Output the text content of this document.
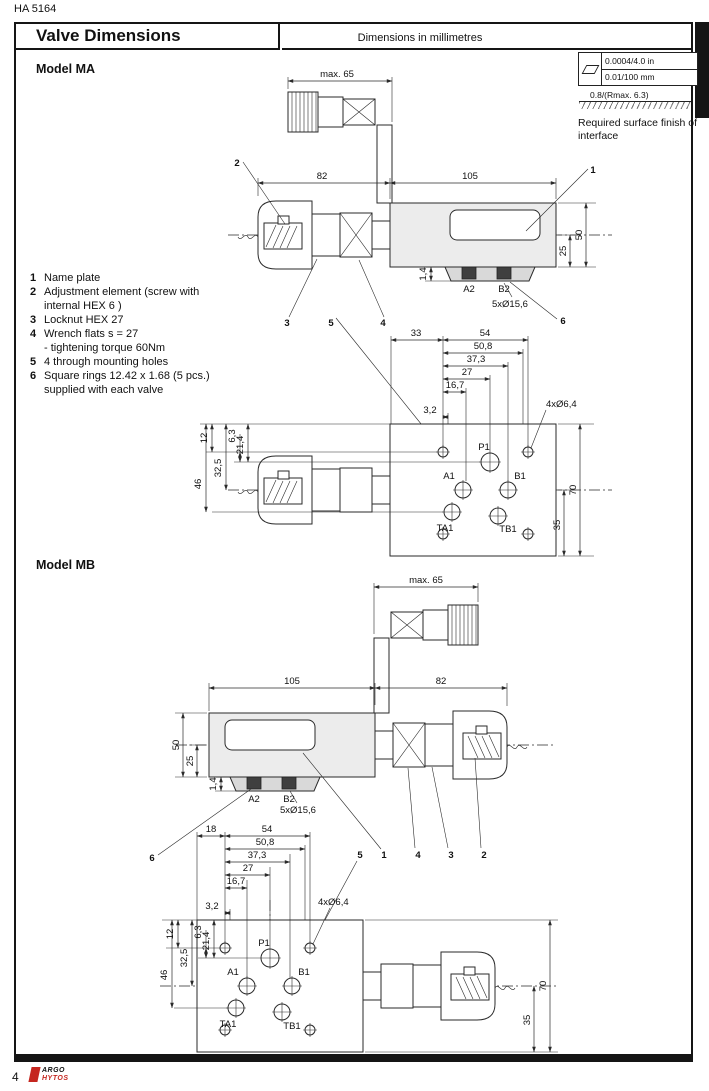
HA 5164
Valve Dimensions	Dimensions in millimetres
Model MA
Model MB
0.0004/4.0 in
0.01/100 mm
0.8/(Rmax. 6.3)
Required surface finish of
interface
1 Name plate
2 Adjustment element (screw with
internal HEX 6 )
3 Locknut HEX 27
4 Wrench flats s = 27
- tightening torque 60Nm
5 4 through mounting holes
6 Square rings 12.42 x 1.68 (5 pcs.)
supplied with each valve
max. 65
A2 B2
5xØ15,6
82	105
50
25
1,4
2
1
3	5	4	6
P1
A1	B1
TA1	TB1
33	54
50,8
37,3
27
16,7
3,2
4xØ6,4
70
35
12 6,3
21,4
32,5
46
max. 65
A2 B2
5xØ15,6
105	82
50
25
1,4
5 1	4	3	2
6
P1
A1	B1
TA1	TB1
18	54
50,8
37,3
27
16,7
3,2	4xØ6,4
70
35
12 6,3
21,4
32,5
46
4	ARGO
HYTOS
